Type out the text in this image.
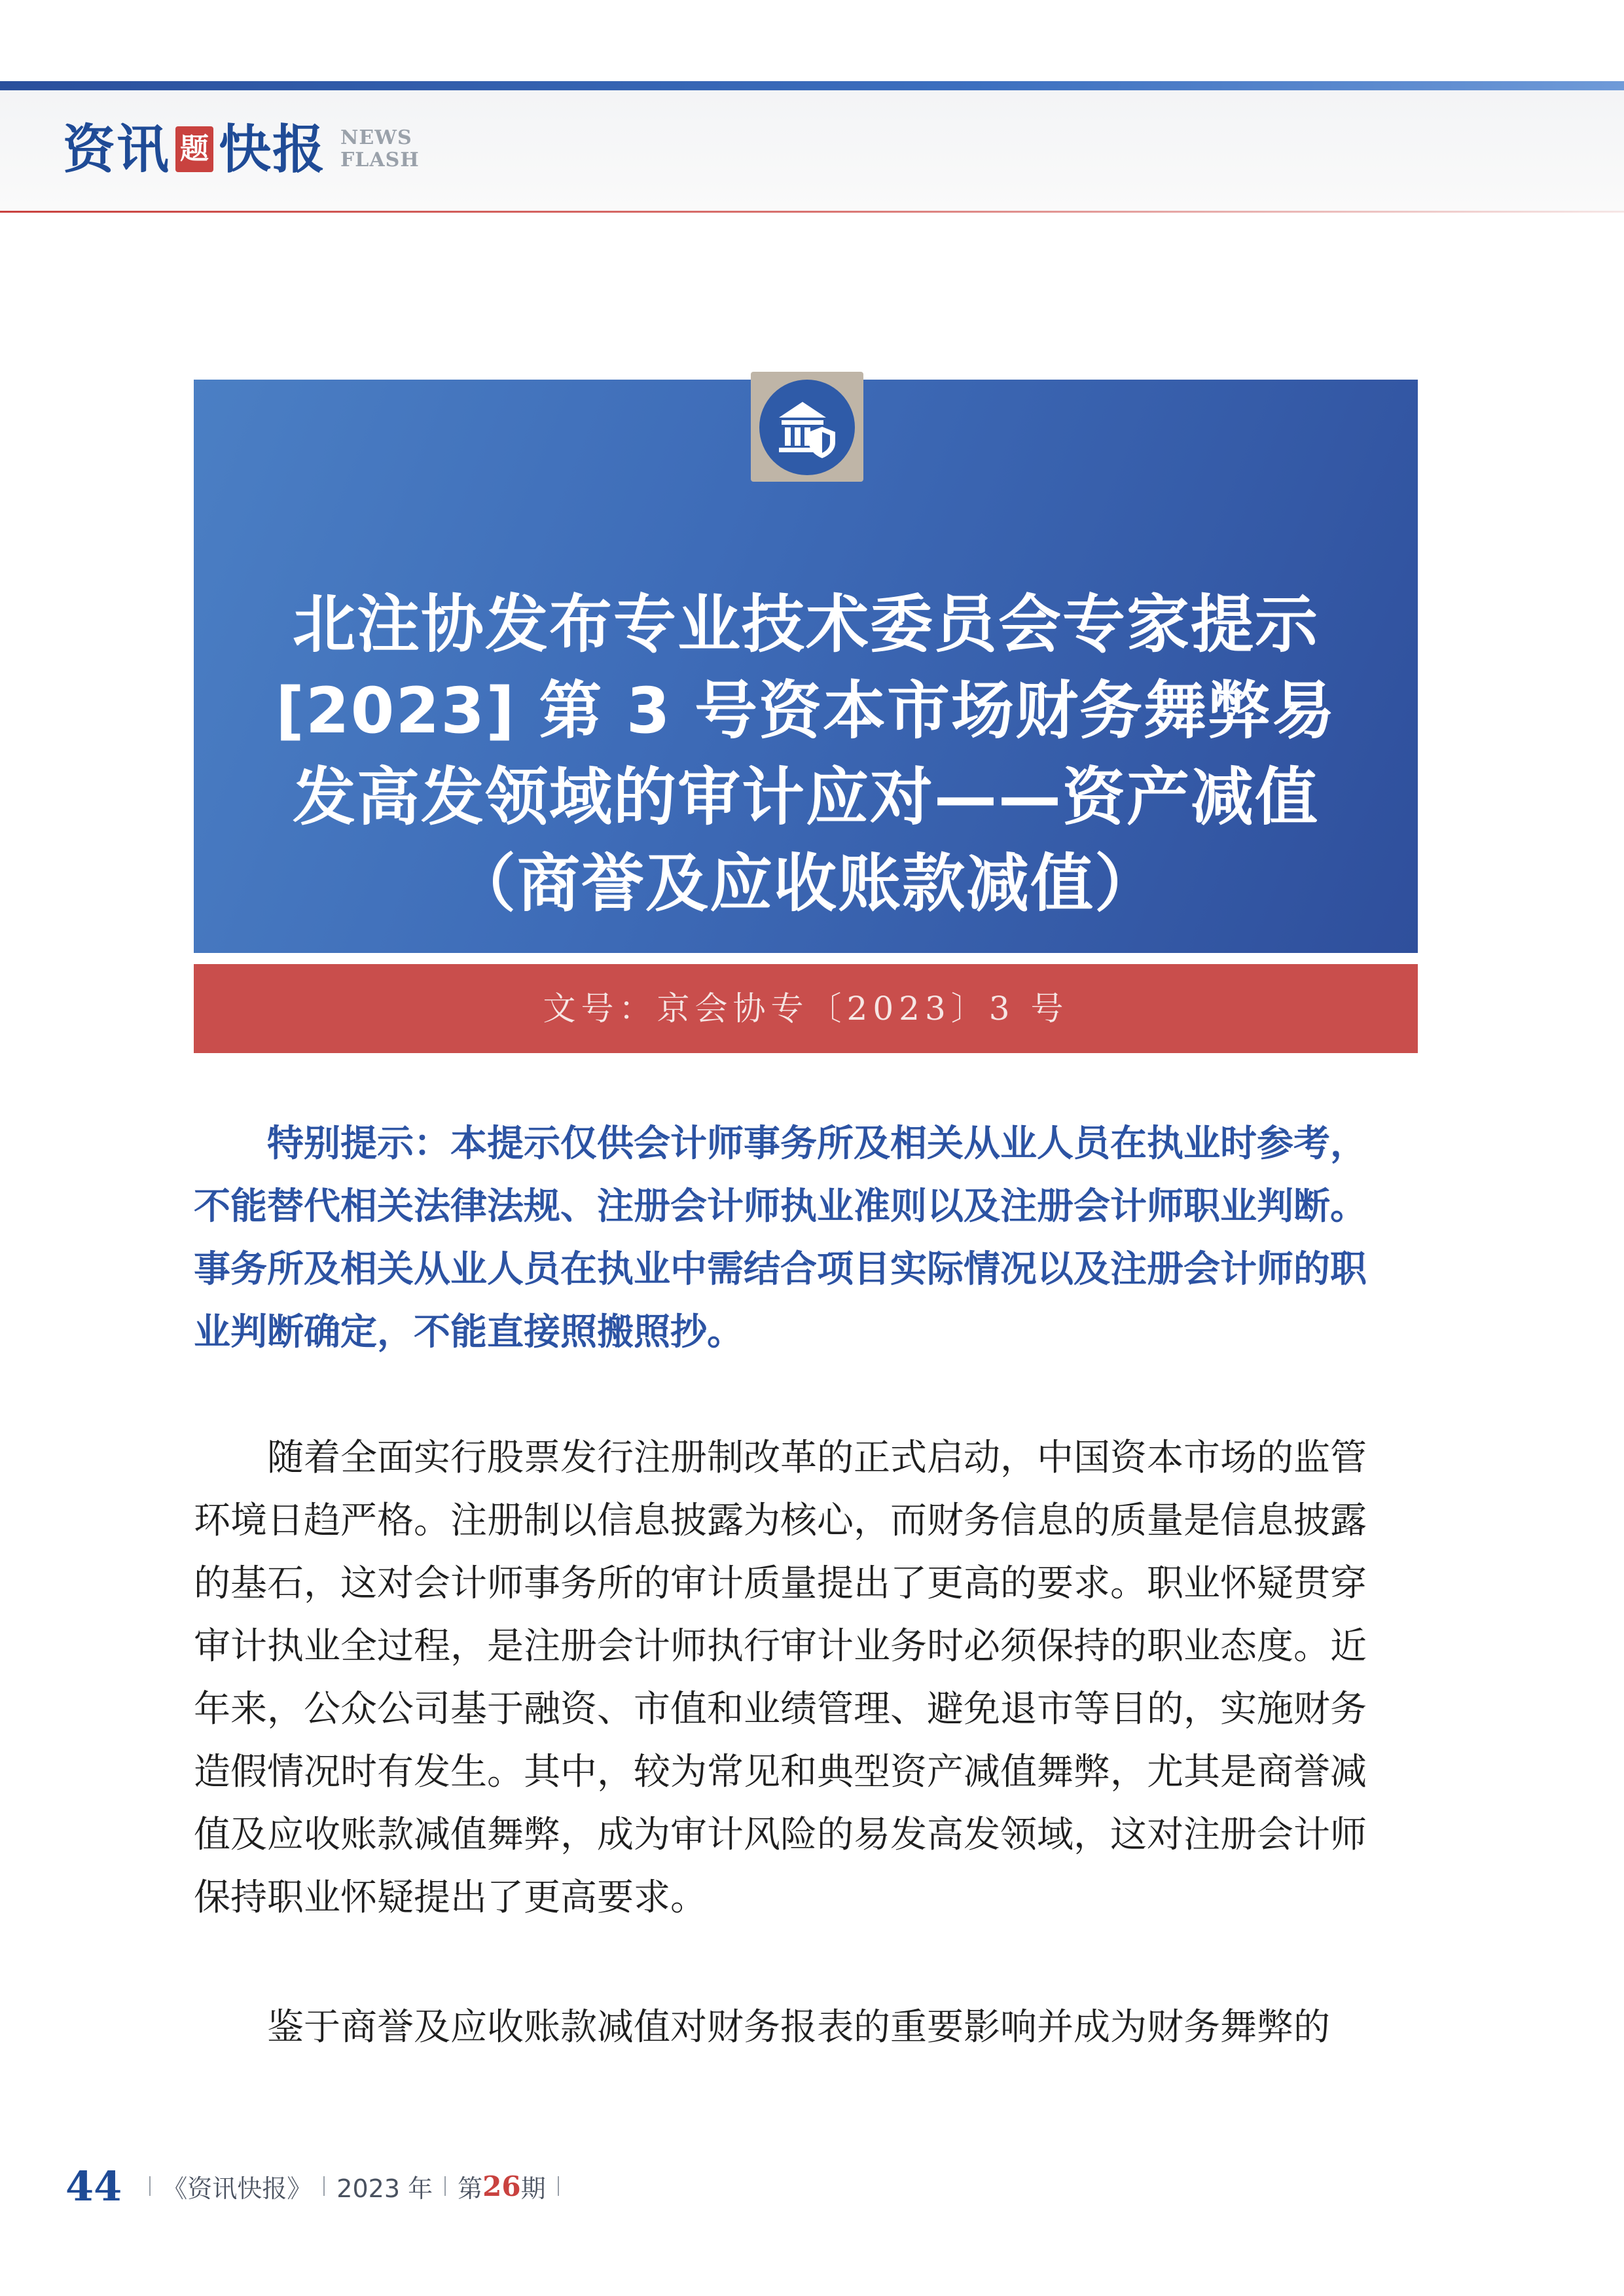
资讯 题 快报 NEWS
FLASH
北注协发布专业技术委员会专家提示
[2023] 第 3 号资本市场财务舞弊易
发高发领域的审计应对——资产减值
（商誉及应收账款减值）
文号：京会协专〔2023〕3 号

特别提示：本提示仅供会计师事务所及相关从业人员在执业时参考，
不能替代相关法律法规、注册会计师执业准则以及注册会计师职业判断。
事务所及相关从业人员在执业中需结合项目实际情况以及注册会计师的职
业判断确定，不能直接照搬照抄。

随着全面实行股票发行注册制改革的正式启动，中国资本市场的监管
环境日趋严格。注册制以信息披露为核心，而财务信息的质量是信息披露
的基石，这对会计师事务所的审计质量提出了更高的要求。职业怀疑贯穿
审计执业全过程，是注册会计师执行审计业务时必须保持的职业态度。近
年来，公众公司基于融资、市值和业绩管理、避免退市等目的，实施财务
造假情况时有发生。其中，较为常见和典型资产减值舞弊，尤其是商誉减
值及应收账款减值舞弊，成为审计风险的易发高发领域，这对注册会计师
保持职业怀疑提出了更高要求。

鉴于商誉及应收账款减值对财务报表的重要影响并成为财务舞弊的

44 《资讯快报》 2023 年 第 26 期
